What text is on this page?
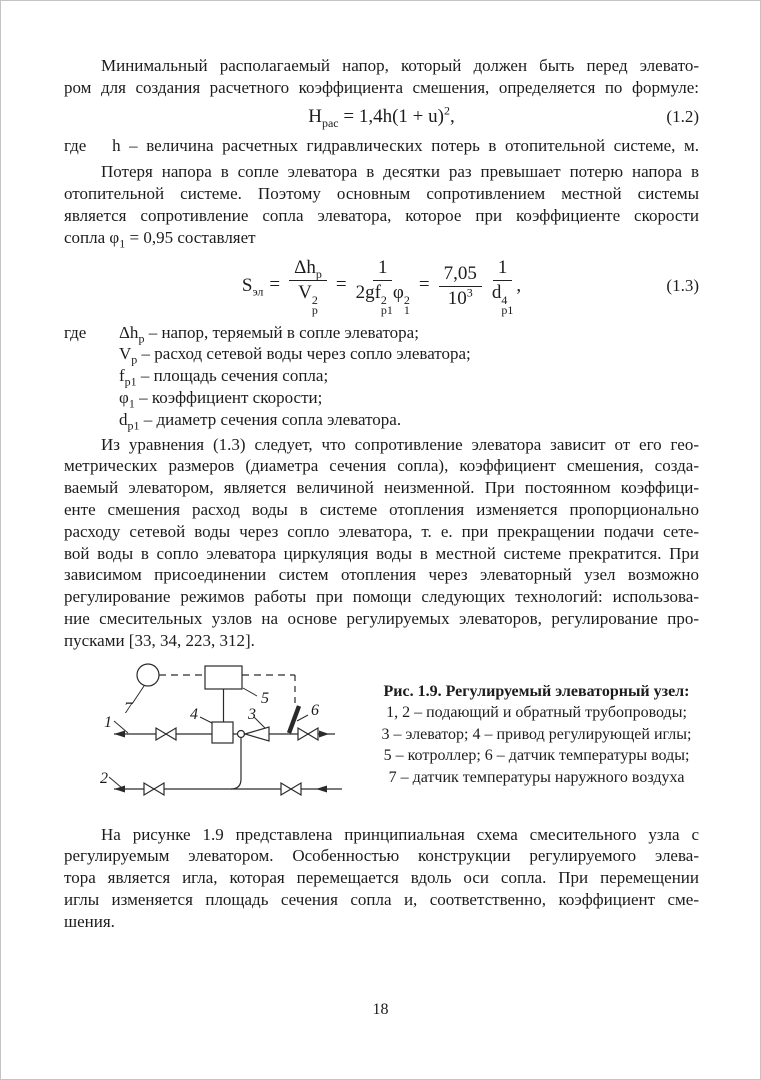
Минимальный располагаемый напор, который должен быть перед элевато-
ром для создания расчетного коэффициента смешения, определяется по формуле:
$H_{рас} = 1,4h(1 + u)^2$,	(1.2)
где   h – величина расчетных гидравлических потерь в отопительной системе, м.
Потеря напора в сопле элеватора в десятки раз превышает потерю напора в
отопительной системе. Поэтому основным сопротивлением местной системы
является сопротивление сопла элеватора, которое при коэффициенте скорости
сопла $\varphi_1 = 0,95$ составляет
$S_{эл} = \Delta h_р$
V 2
р = 1
2gf 2
р1
φ 2
$1 = \frac{7,05}{10^3} 1$
d 4
р1 ,	(1.3)
где $\Delta h_р$ – напор, теряемый в сопле элеватора;
$V_р$ – расход сетевой воды через сопло элеватора;
$f_{р1}$ – площадь сечения сопла;
$\varphi_1$ – коэффициент скорости;
$d_{р1}$ – диаметр сечения сопла элеватора.
Из уравнения (1.3) следует, что сопротивление элеватора зависит от его гео-
метрических размеров (диаметра сечения сопла), коэффициент смешения, созда-
ваемый элеватором, является величиной неизменной. При постоянном коэффици-
енте смешения расход воды в системе отопления изменяется пропорционально
расходу сетевой воды через сопло элеватора, т. е. при прекращении подачи сете-
вой воды в сопло элеватора циркуляция воды в местной системе прекратится. При
зависимом присоединении систем отопления через элеваторный узел возможно
регулирование режимов работы при помощи следующих технологий: использова-
ние смесительных узлов на основе регулируемых элеваторов, регулирование про-
пусками [33, 34, 223, 312].
1
2
3
4
5
6
7
Рис. 1.9. Регулируемый элеваторный узел:
1, 2 – подающий и обратный трубопроводы;
3 – элеватор; 4 – привод регулирующей иглы;
5 – котроллер; 6 – датчик температуры воды;
7 – датчик температуры наружного воздуха
На рисунке 1.9 представлена принципиальная схема смесительного узла с
регулируемым элеватором. Особенностью конструкции регулируемого элева-
тора является игла, которая перемещается вдоль оси сопла. При перемещении
иглы изменяется площадь сечения сопла и, соответственно, коэффициент сме-
шения.
18
